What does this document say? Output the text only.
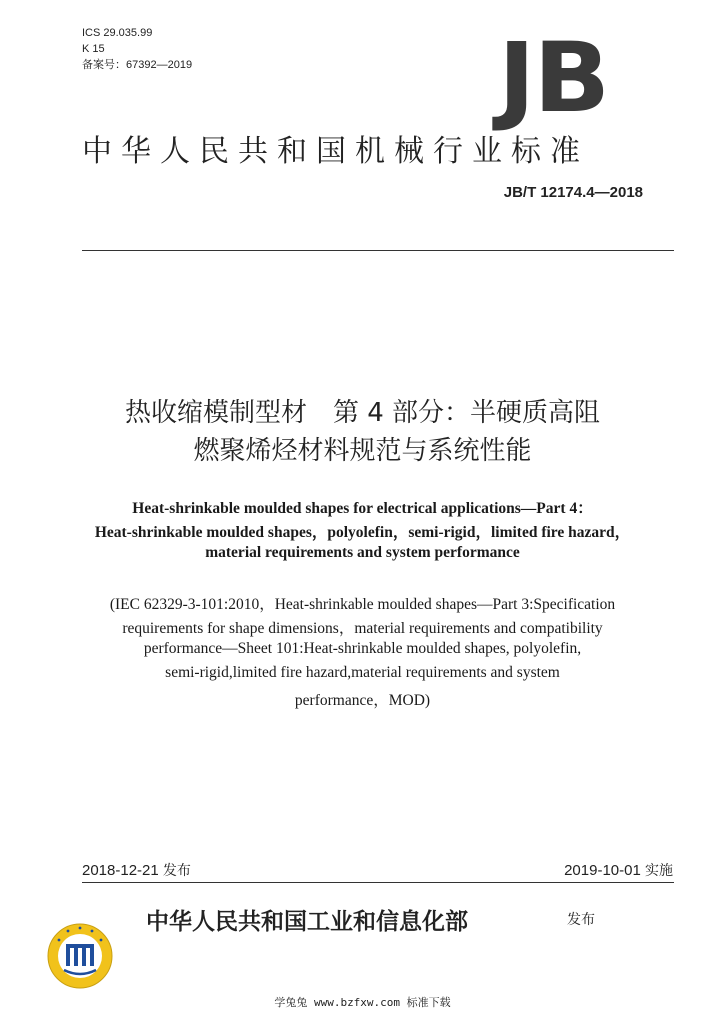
ICS 29.035.99
K 15
备案号：67392—2019	JB
中华人民共和国机械行业标准
JB/T 12174.4—2018
热收缩模制型材　第 4 部分：半硬质高阻
燃聚烯烃材料规范与系统性能
Heat-shrinkable moulded shapes for electrical applications—Part 4：
Heat-shrinkable moulded shapes，polyolefin，semi-rigid，limited fire hazard，
material requirements and system performance
(IEC 62329-3-101:2010，Heat-shrinkable moulded shapes—Part 3:Specification
requirements for shape dimensions，material requirements and compatibility
performance—Sheet 101:Heat-shrinkable moulded shapes, polyolefin,
semi-rigid,limited fire hazard,material requirements and system
performance，MOD)
2018-12-21 发布	2019-10-01 实施
中华人民共和国工业和信息化部	发布
学兔兔 www.bzfxw.com 标准下载
